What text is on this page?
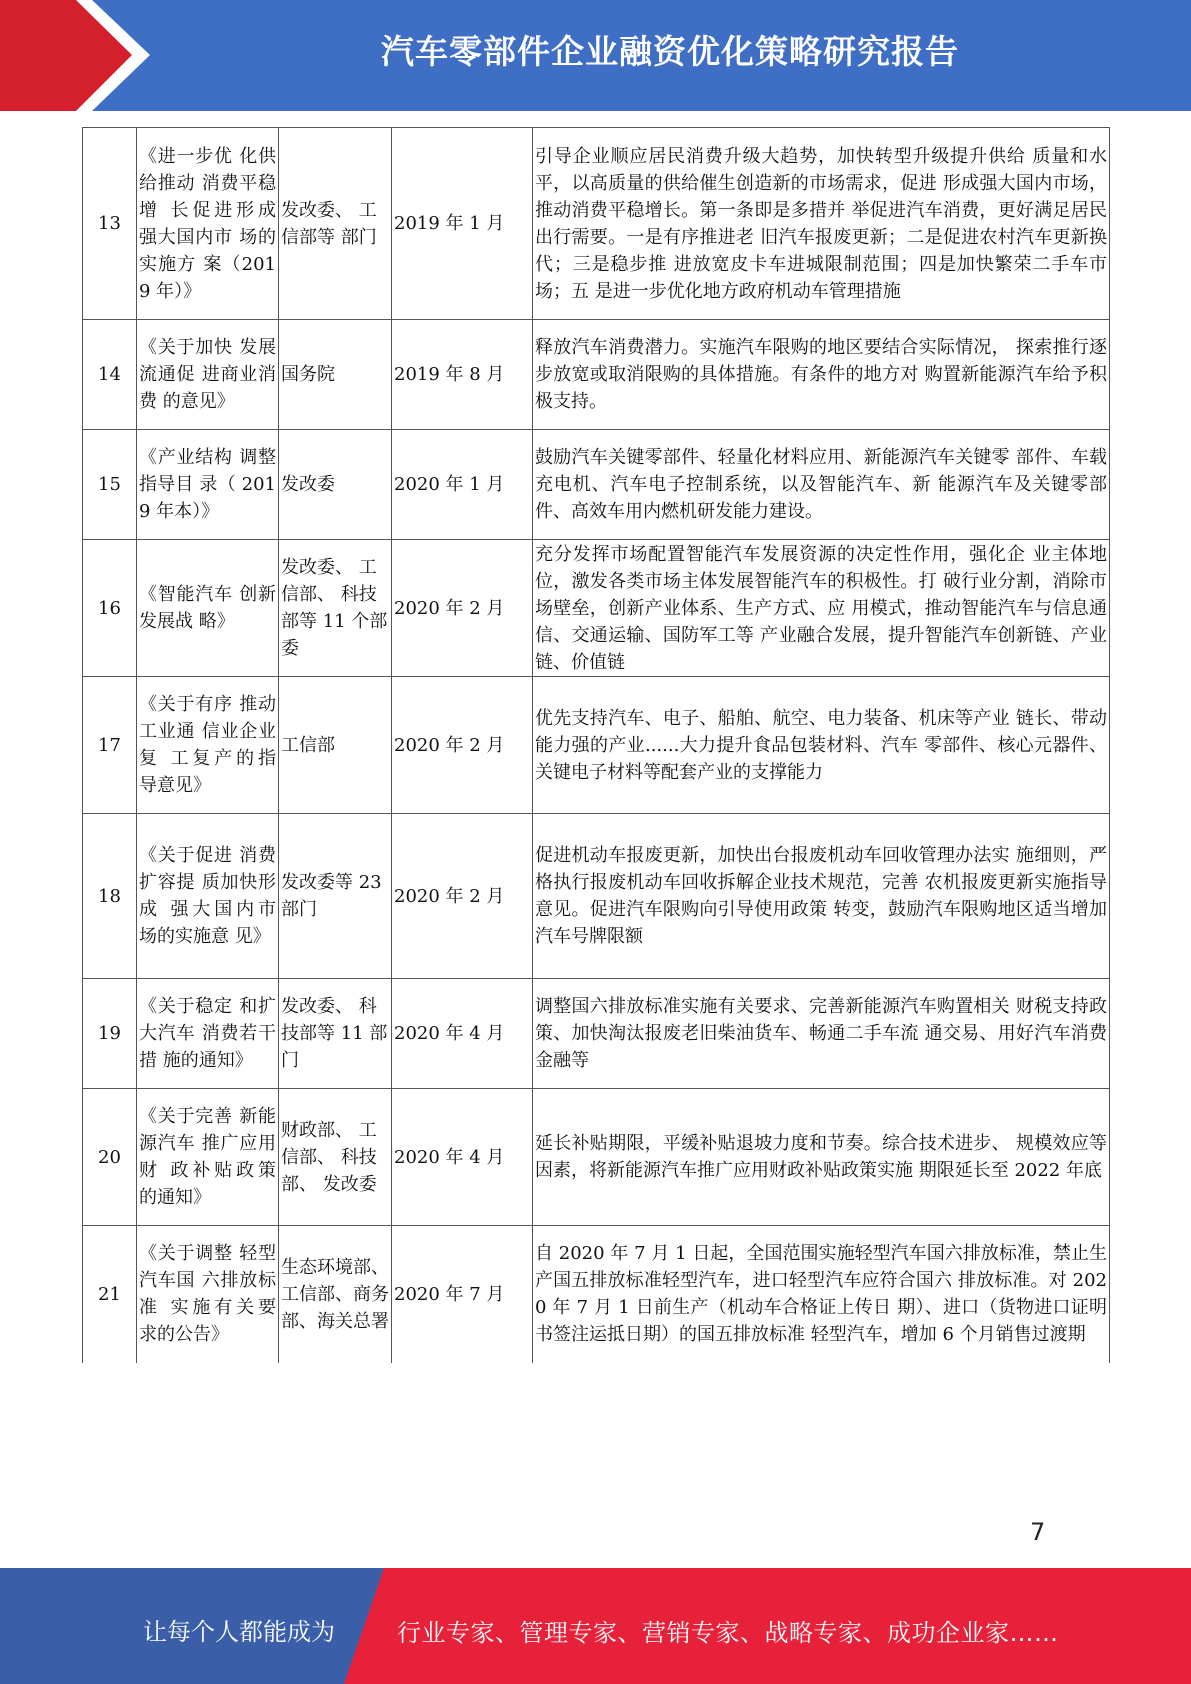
汽车零部件企业融资优化策略研究报告
13	《进一步优 化供给推动 消费平稳增 长促进形成 强大国内市 场的实施方 案（2019 年）》	发改委、 工信部等 部门	2019 年 1 月	引导企业顺应居民消费升级大趋势，加快转型升级提升供给 质量和水平，以高质量的供给催生创造新的市场需求，促进 形成强大国内市场，推动消费平稳增长。第一条即是多措并 举促进汽车消费，更好满足居民出行需要。一是有序推进老 旧汽车报废更新；二是促进农村汽车更新换代；三是稳步推 进放宽皮卡车进城限制范围；四是加快繁荣二手车市场；五 是进一步优化地方政府机动车管理措施
14	《关于加快 发展流通促 进商业消费 的意见》	国务院	2019 年 8 月	释放汽车消费潜力。实施汽车限购的地区要结合实际情况， 探索推行逐步放宽或取消限购的具体措施。有条件的地方对 购置新能源汽车给予积极支持。
15	《产业结构 调整指导目 录（ 2019 年本）》	发改委	2020 年 1 月	鼓励汽车关键零部件、轻量化材料应用、新能源汽车关键零 部件、车载充电机、汽车电子控制系统，以及智能汽车、新 能源汽车及关键零部件、高效车用内燃机研发能力建设。
16	《智能汽车 创新发展战 略》	发改委、 工信部、 科技部等 11 个部委	2020 年 2 月	充分发挥市场配置智能汽车发展资源的决定性作用，强化企 业主体地位，激发各类市场主体发展智能汽车的积极性。打 破行业分割，消除市场壁垒，创新产业体系、生产方式、应 用模式，推动智能汽车与信息通信、交通运输、国防军工等 产业融合发展，提升智能汽车创新链、产业链、价值链
17	《关于有序 推动工业通 信业企业复 工复产的指 导意见》	工信部	2020 年 2 月	优先支持汽车、电子、船舶、航空、电力装备、机床等产业 链长、带动能力强的产业......大力提升食品包装材料、汽车 零部件、核心元器件、关键电子材料等配套产业的支撑能力
18	《关于促进 消费扩容提 质加快形成 强大国内市 场的实施意 见》	发改委等 23 部门	2020 年 2 月	促进机动车报废更新，加快出台报废机动车回收管理办法实 施细则，严格执行报废机动车回收拆解企业技术规范，完善 农机报废更新实施指导意见。促进汽车限购向引导使用政策 转变，鼓励汽车限购地区适当增加汽车号牌限额
19	《关于稳定 和扩大汽车 消费若干措 施的通知》	发改委、 科技部等 11 部门	2020 年 4 月	调整国六排放标准实施有关要求、完善新能源汽车购置相关 财税支持政策、加快淘汰报废老旧柴油货车、畅通二手车流 通交易、用好汽车消费金融等
20	《关于完善 新能源汽车 推广应用财 政补贴政策 的通知》	财政部、 工信部、 科技部、 发改委	2020 年 4 月	延长补贴期限，平缓补贴退坡力度和节奏。综合技术进步、 规模效应等因素，将新能源汽车推广应用财政补贴政策实施 期限延长至 2022 年底
21	《关于调整 轻型汽车国 六排放标准 实施有关要 求的公告》	生态环境部、工信部、商务部、海关总署	2020 年 7 月	自 2020 年 7 月 1 日起，全国范围实施轻型汽车国六排放标准，禁止生产国五排放标准轻型汽车，进口轻型汽车应符合国六 排放标准。对 2020 年 7 月 1 日前生产（机动车合格证上传日 期）、进口（货物进口证明书签注运抵日期）的国五排放标准 轻型汽车，增加 6 个月销售过渡期
7
让每个人都能成为	行业专家、管理专家、营销专家、战略专家、成功企业家……
